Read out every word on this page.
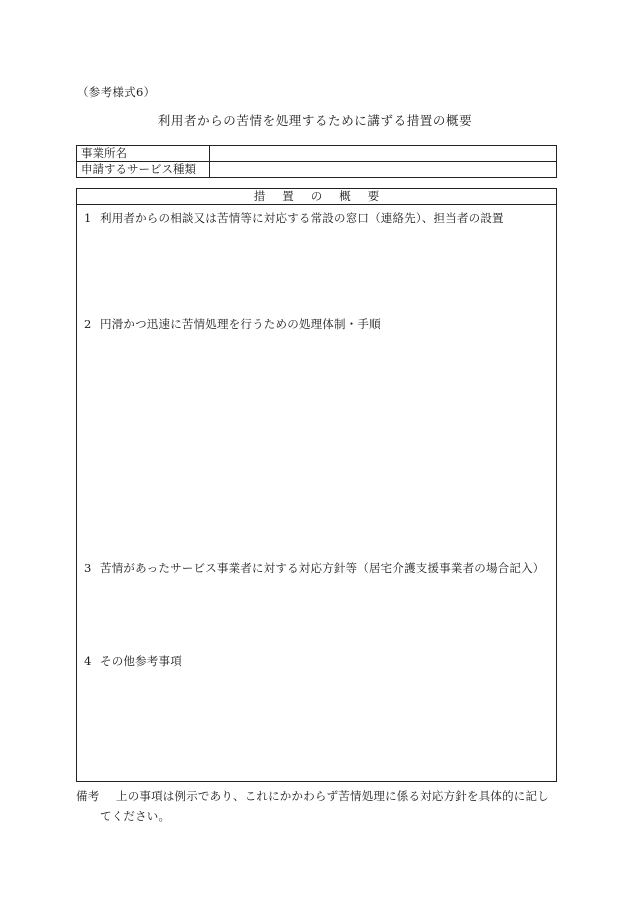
（参考様式6）
利用者からの苦情を処理するために講ずる措置の概要
事業所名	
申請するサービス種類	
措置の概要
1 利用者からの相談又は苦情等に対応する常設の窓口（連絡先）、担当者の設置
2 円滑かつ迅速に苦情処理を行うための処理体制・手順
3 苦情があったサービス事業者に対する対応方針等（居宅介護支援事業者の場合記入）
4 その他参考事項
備考 上の事項は例示であり、これにかかわらず苦情処理に係る対応方針を具体的に記し
てください。
